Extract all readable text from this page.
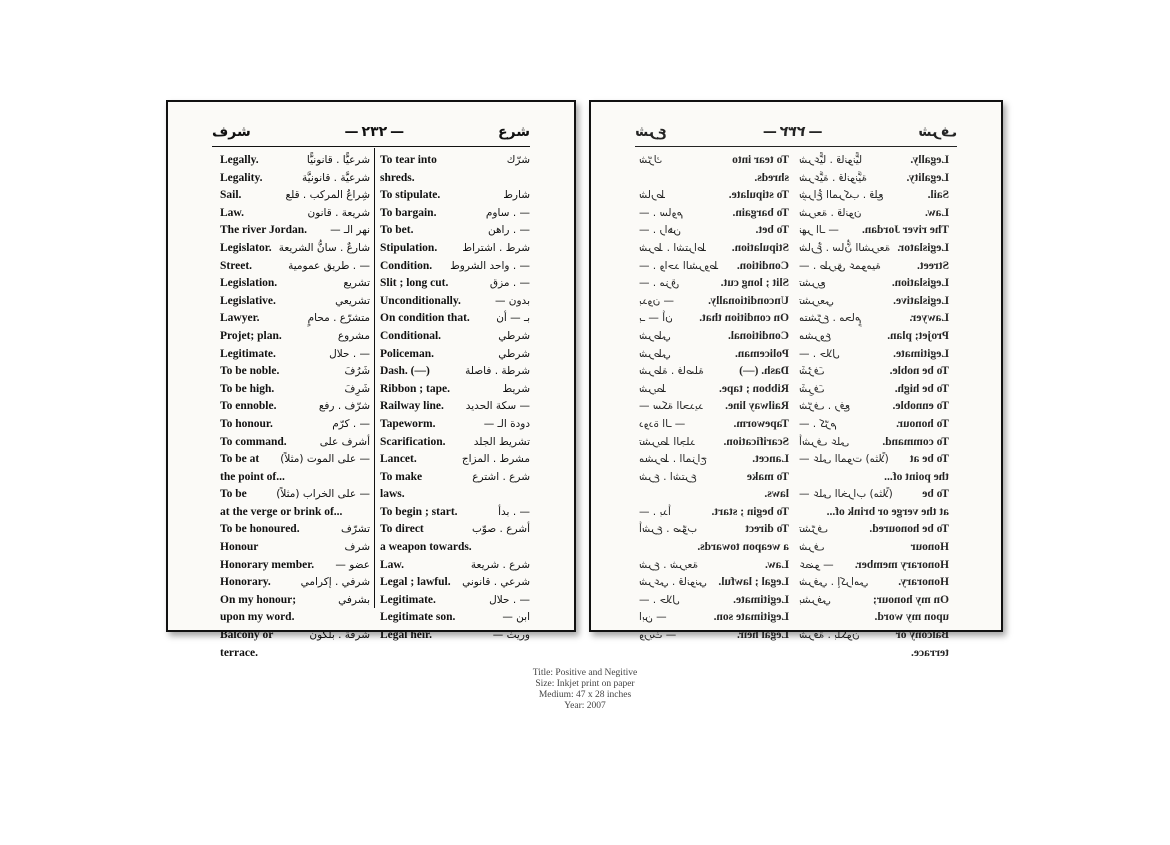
شرف
—	٢٣٢ —	شرع
Legally.	شرعيًّا . قانونيًّا
Legality.	شرعيَّة . قانونيَّة
Sail.	شِراعُ المركب . قلع
Law.	شريعة . قانون
The river Jordan. نهر الـ —
Legislator. شارعٌ . سانُّ الشريعة
Street.	— . طريق عمومية
Legislation.	تشريع
Legislative.	تشريعي
Lawyer.	متشرّع . محامٍ
Projet; plan.	مشروع
Legitimate.	— . حلال
To be noble.	شَرُفَ
To be high.	شَرِفَ
To ennoble.	شرّف . رفع
To honour.	— . كرّم
To command.	أشرف على
To be at — على الموت (مثلاً)
the point of...
To be	— على الخراب (مثلاً)
at the verge or brink of...
To be honoured.	تشرّف
Honour	شرف
Honorary member. عضو —
Honorary.	شرفي . إكرامي
On my honour;	بشرفي
upon my word.
Balcony or	شرفة . بلكون
terrace.
To tear into	شرّك
shreds.
To stipulate.	شارط
To bargain.	— . ساوم
To bet.	— . راهن
Stipulation. شرط . اشتراط
Condition. — . واحد الشروط
Slit ; long cut.	— . مزق
Unconditionally.	بدون —
On condition that.	بـ — أن
Conditional.	شرطي
Policeman.	شرطي
Dash. (—)	شرطة . فاصلة
Ribbon ; tape.	شريط
Railway line. — سكة الحديد
Tapeworm.	دودة الـ —
Scarification.	تشريط الجلد
Lancet.	مشرط . المزاج
To make	شرع . اشترع
laws.
To begin ; start.	— . بدأ
To direct	أشرع . صوّب
a weapon towards.
Law.	شرع . شريعة
Legal ; lawful. شرعي . قانوني
Legitimate.	— . حلال
Legitimate son.	ابن —
Legal heir.	وريث —
شرف
— ٢٣٢ —
شرع
Legally.
شرعيًّا . قانونيًّا
Legality.
شرعيَّة . قانونيَّة
Sail.
شِراعُ المركب . قلع
Law.
شريعة . قانون
The river Jordan.
نهر الـ —
Legislator.
شارعٌ . سانُّ الشريعة
Street.
— . طريق عمومية
Legislation.
تشريع
Legislative.
تشريعي
Lawyer.
متشرّع . محامٍ
Projet; plan.
مشروع
Legitimate.
— . حلال
To be noble.
شَرُفَ
To be high.
شَرِفَ
To ennoble.
شرّف . رفع
To honour.
— . كرّم
To command.
أشرف على
To be at
— على الموت (مثلاً)
the point of...
To be
— على الخراب (مثلاً)
at the verge or brink of...
To be honoured.
تشرّف
Honour
شرف
Honorary member.
عضو —
Honorary.
شرفي . إكرامي
On my honour;
بشرفي
upon my word.
Balcony or
شرفة . بلكون
terrace.
To tear into
شرّك
shreds.
To stipulate.
شارط
To bargain.
— . ساوم
To bet.
— . راهن
Stipulation.
شرط . اشتراط
Condition.
— . واحد الشروط
Slit ; long cut.
— . مزق
Unconditionally.
بدون —
On condition that.
بـ — أن
Conditional.
شرطي
Policeman.
شرطي
Dash. (—)
شرطة . فاصلة
Ribbon ; tape.
شريط
Railway line.
— سكة الحديد
Tapeworm.
دودة الـ —
Scarification.
تشريط الجلد
Lancet.
مشرط . المزاج
To make
شرع . اشترع
laws.
To begin ; start.
— . بدأ
To direct
أشرع . صوّب
a weapon towards.
Law.
شرع . شريعة
Legal ; lawful.
شرعي . قانوني
Legitimate.
— . حلال
Legitimate son.
ابن —
Legal heir.
وريث —
Title: Positive and Negitive
Size: Inkjet print on paper
Medium: 47 x 28 inches
Year: 2007
